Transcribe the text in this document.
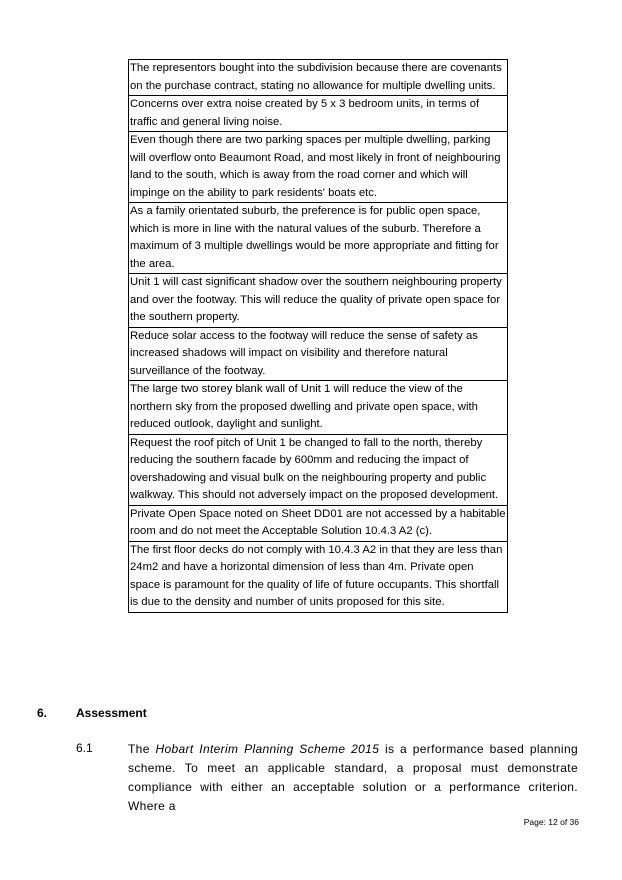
The representors bought into the subdivision because there are covenants on the purchase contract, stating no allowance for multiple dwelling units.
Concerns over extra noise created by 5 x 3 bedroom units, in terms of traffic and general living noise.
Even though there are two parking spaces per multiple dwelling, parking will overflow onto Beaumont Road, and most likely in front of neighbouring land to the south, which is away from the road corner and which will impinge on the ability to park residents' boats etc.
As a family orientated suburb, the preference is for public open space, which is more in line with the natural values of the suburb. Therefore a maximum of 3 multiple dwellings would be more appropriate and fitting for the area.
Unit 1 will cast significant shadow over the southern neighbouring property and over the footway. This will reduce the quality of private open space for the southern property.
Reduce solar access to the footway will reduce the sense of safety as increased shadows will impact on visibility and therefore natural surveillance of the footway.
The large two storey blank wall of Unit 1 will reduce the view of the northern sky from the proposed dwelling and private open space, with reduced outlook, daylight and sunlight.
Request the roof pitch of Unit 1 be changed to fall to the north, thereby reducing the southern facade by 600mm and reducing the impact of overshadowing and visual bulk on the neighbouring property and public walkway. This should not adversely impact on the proposed development.
Private Open Space noted on Sheet DD01 are not accessed by a habitable room and do not meet the Acceptable Solution 10.4.3 A2 (c).
The first floor decks do not comply with 10.4.3 A2 in that they are less than 24m2 and have a horizontal dimension of less than 4m. Private open space is paramount for the quality of life of future occupants. This shortfall is due to the density and number of units proposed for this site.
6. Assessment
6.1	The Hobart Interim Planning Scheme 2015 is a performance based planning scheme. To meet an applicable standard, a proposal must demonstrate compliance with either an acceptable solution or a performance criterion. Where a

Page: 12 of 36
